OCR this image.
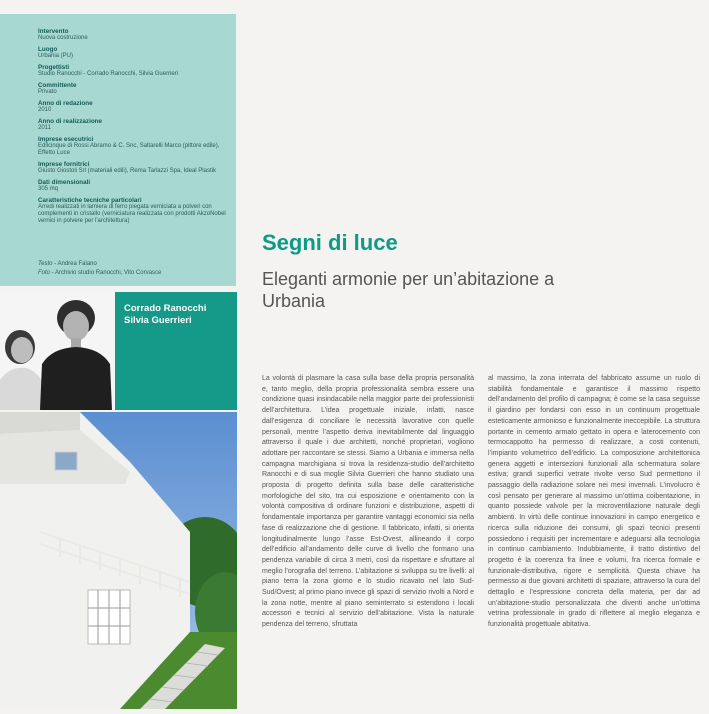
Intervento
Nuova costruzione
Luogo
Urbania (PU)
Progettisti
Studio Ranocchi - Corrado Ranocchi, Silvia Guerrieri
Committente
Privato
Anno di redazione
2010
Anno di realizzazione
2011
Imprese esecutrici
Edilcinque di Rossi Abramo & C. Snc, Saltarelli Marco (pittore edile), Effetto Luce
Imprese fornitrici
Giusto Giostoli Srl (materiali edili), Rema Tarlazzi Spa, Ideal Plastik
Dati dimensionali
305 mq
Caratteristiche tecniche particolari
Arredi realizzati in lamiera di ferro piegata verniciata a polveri con complementi in cristallo (verniciatura realizzata con prodotti AkzoNobel vernici in polvere per l'architettura)
Testo - Andrea Falano
Foto - Archivio studio Ranocchi, Vito Corvasce
Corrado Ranocchi
Silvia Guerrieri
Segni di luce
Eleganti armonie per un’abitazione a Urbania
La volontà di plasmare la casa sulla base della propria personalità e, tanto meglio, della propria professionalità sembra essere una condizione quasi insindacabile nella maggior parte dei professionisti dell’architettura. L’idea progettuale iniziale, infatti, nasce dall’esigenza di conciliare le necessità lavorative con quelle personali, mentre l’aspetto deriva inevitabilmente dal linguaggio attraverso il quale i due architetti, nonché proprietari, vogliono adottare per raccontare se stessi. Siamo a Urbania e immersa nella campagna marchigiana si trova la residenza-studio dell’architetto Ranocchi e di sua moglie Silvia Guerrieri che hanno studiato una proposta di progetto definita sulla base delle caratteristiche morfologiche del sito, tra cui esposizione e orientamento con la volontà compositiva di ordinare funzioni e distribuzione, aspetti di fondamentale importanza per garantire vantaggi economici sia nella fase di realizzazione che di gestione. Il fabbricato, infatti, si orienta longitudinalmente lungo l’asse Est-Ovest, allineando il corpo dell’edificio all’andamento delle curve di livello che formano una pendenza variabile di circa 3 metri, così da rispettare e sfruttare al meglio l’orografia del terreno. L’abitazione si sviluppa su tre livelli: al piano terra la zona giorno e lo studio ricavato nel lato Sud-Sud/Ovest; al primo piano invece gli spazi di servizio rivolti a Nord e la zona notte, mentre al piano seminterrato si estendono i locali accessori e tecnici al servizio dell’abitazione. Vista la naturale pendenza del terreno, sfruttata
al massimo, la zona interrata del fabbricato assume un ruolo di stabilità fondamentale e garantisce il massimo rispetto dell’andamento del profilo di campagna; è come se la casa seguisse il giardino per fondarsi con esso in un continuum progettuale esteticamente armonioso e funzionalmente ineccepibile. La struttura portante in cemento armato gettato in opera e laterocemento con termocappotto ha permesso di realizzare, a costi contenuti, l’impianto volumetrico dell’edificio. La composizione architettonica genera aggetti e intersezioni funzionali alla schermatura solare estiva; grandi superfici vetrate rivolte verso Sud permettono il passaggio della radiazione solare nei mesi invernali. L’involucro è così pensato per generare al massimo un’ottima coibentazione, in quanto possiede valvole per la microventilazione naturale degli ambienti. In virtù delle continue innovazioni in campo energetico e ricerca sulla riduzione dei consumi, gli spazi tecnici presenti possiedono i requisiti per incrementare e adeguarsi alla tecnologia in continuo cambiamento. Indubbiamente, il tratto distintivo del progetto è la coerenza fra linee e volumi, fra ricerca formale e funzionale-distributiva, rigore e semplicità. Questa chiave ha permesso ai due giovani architetti di spaziare, attraverso la cura del dettaglio e l’espressione concreta della materia, per dar ad un’abitazione-studio personalizzata che diventi anche un’ottima vetrina professionale in grado di riflettere al meglio eleganza e funzionalità progettuale abitativa.
